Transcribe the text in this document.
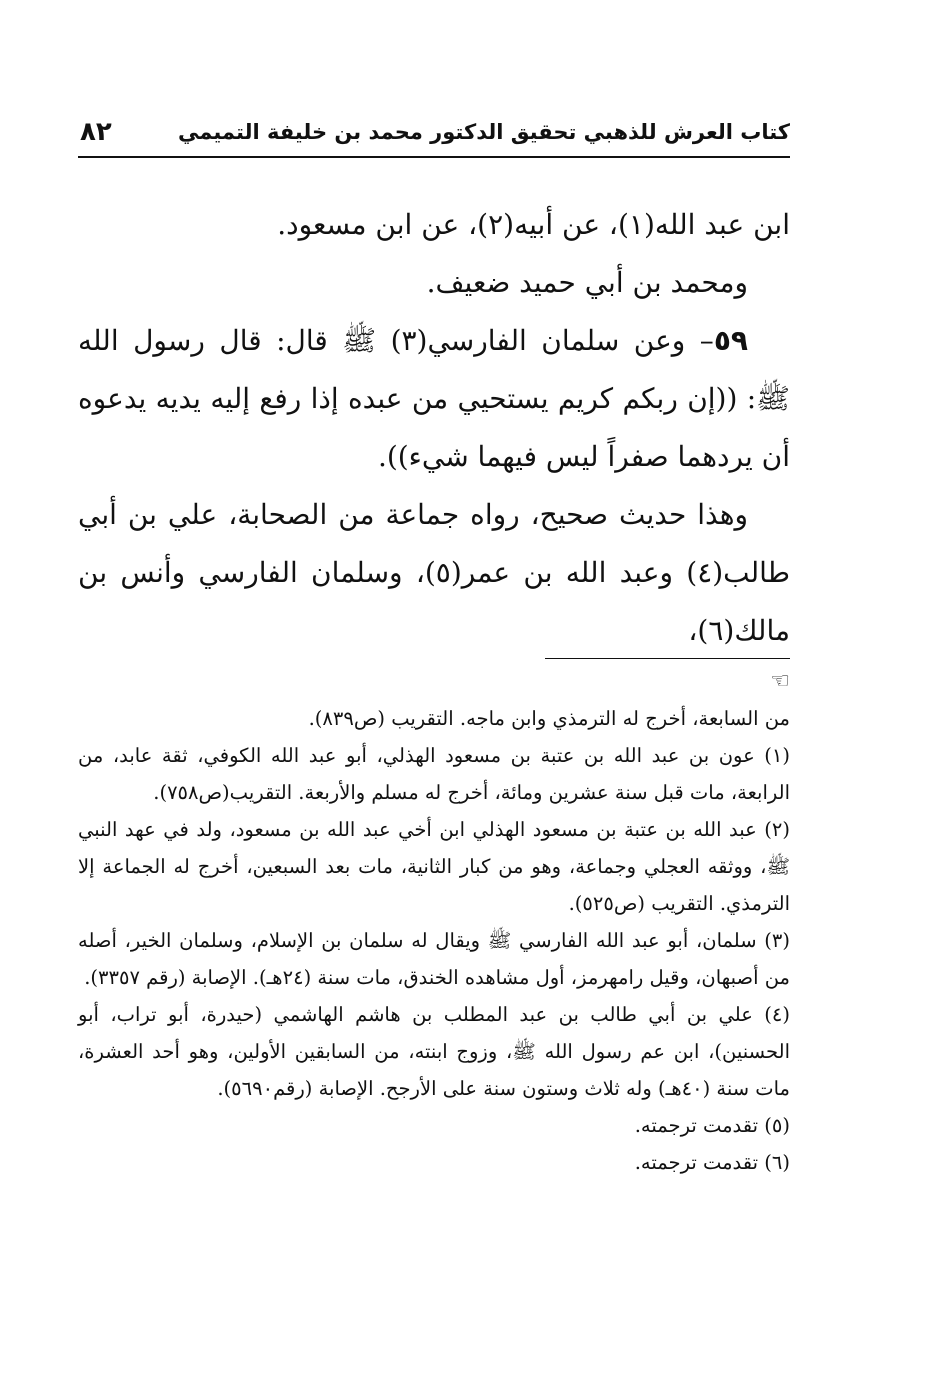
كتاب العرش للذهبي تحقيق الدكتور محمد بن خليفة التميمي
٨٢

ابن عبد الله(١)، عن أبيه(٢)، عن ابن مسعود.

ومحمد بن أبي حميد ضعيف.

٥٩– وعن سلمان الفارسي(٣) ﷺ قال: قال رسول الله ﷺ: ((إن ربكم كريم يستحيي من عبده إذا رفع إليه يديه يدعوه أن يردهما صفراً ليس فيهما شيء)).

وهذا حديث صحيح، رواه جماعة من الصحابة، علي بن أبي طالب(٤) وعبد الله بن عمر(٥)، وسلمان الفارسي وأنس بن مالك(٦)،

☜

من السابعة، أخرج له الترمذي وابن ماجه. التقريب (ص٨٣٩).

(١) عون بن عبد الله بن عتبة بن مسعود الهذلي، أبو عبد الله الكوفي، ثقة عابد، من الرابعة، مات قبل سنة عشرين ومائة، أخرج له مسلم والأربعة. التقريب(ص٧٥٨).

(٢) عبد الله بن عتبة بن مسعود الهذلي ابن أخي عبد الله بن مسعود، ولد في عهد النبي ﷺ، ووثقه العجلي وجماعة، وهو من كبار الثانية، مات بعد السبعين، أخرج له الجماعة إلا الترمذي. التقريب (ص٥٢٥).

(٣) سلمان، أبو عبد الله الفارسي ﷺ ويقال له سلمان بن الإسلام، وسلمان الخير، أصله من أصبهان، وقيل رامهرمز، أول مشاهده الخندق، مات سنة (٢٤هـ). الإصابة (رقم ٣٣٥٧).

(٤) علي بن أبي طالب بن عبد المطلب بن هاشم الهاشمي (حيدرة، أبو تراب، أبو الحسنين)، ابن عم رسول الله ﷺ، وزوج ابنته، من السابقين الأولين، وهو أحد العشرة، مات سنة (٤٠هـ) وله ثلاث وستون سنة على الأرجح. الإصابة (رقم٥٦٩٠).

(٥) تقدمت ترجمته.

(٦) تقدمت ترجمته.
